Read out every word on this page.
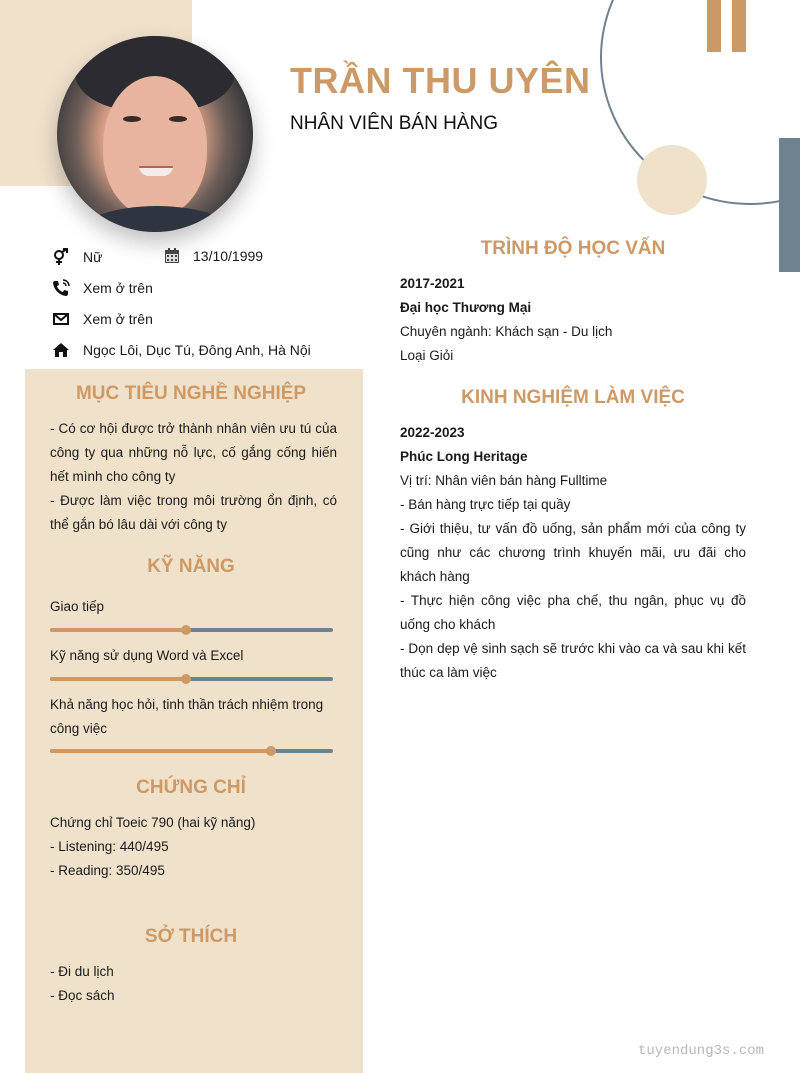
TRẦN THU UYÊN
NHÂN VIÊN BÁN HÀNG
Nữ	13/10/1999
Xem ở trên
Xem ở trên
Ngọc Lôi, Dục Tú, Đông Anh, Hà Nội
MỤC TIÊU NGHỀ NGHIỆP
- Có cơ hội được trở thành nhân viên ưu tú của công ty qua những nỗ lực, cố gắng cống hiến hết mình cho công ty
- Được làm việc trong môi trường ổn định, có thể gắn bó lâu dài với công ty
KỸ NĂNG
Giao tiếp
Kỹ năng sử dụng Word và Excel
Khả năng học hỏi, tinh thần trách nhiệm trong công việc
CHỨNG CHỈ
Chứng chỉ Toeic 790 (hai kỹ năng)
- Listening: 440/495
- Reading: 350/495
SỞ THÍCH
- Đi du lịch
- Đọc sách
TRÌNH ĐỘ HỌC VẤN
2017-2021
Đại học Thương Mại
Chuyên ngành: Khách sạn - Du lịch
Loại Giỏi
KINH NGHIỆM LÀM VIỆC
2022-2023
Phúc Long Heritage
Vị trí: Nhân viên bán hàng Fulltime
- Bán hàng trực tiếp tại quầy
- Giới thiệu, tư vấn đồ uống, sản phẩm mới của công ty cũng như các chương trình khuyến mãi, ưu đãi cho khách hàng
- Thực hiện công việc pha chế, thu ngân, phục vụ đồ uống cho khách
- Dọn dẹp vệ sinh sạch sẽ trước khi vào ca và sau khi kết thúc ca làm việc
tuyendung3s.com
